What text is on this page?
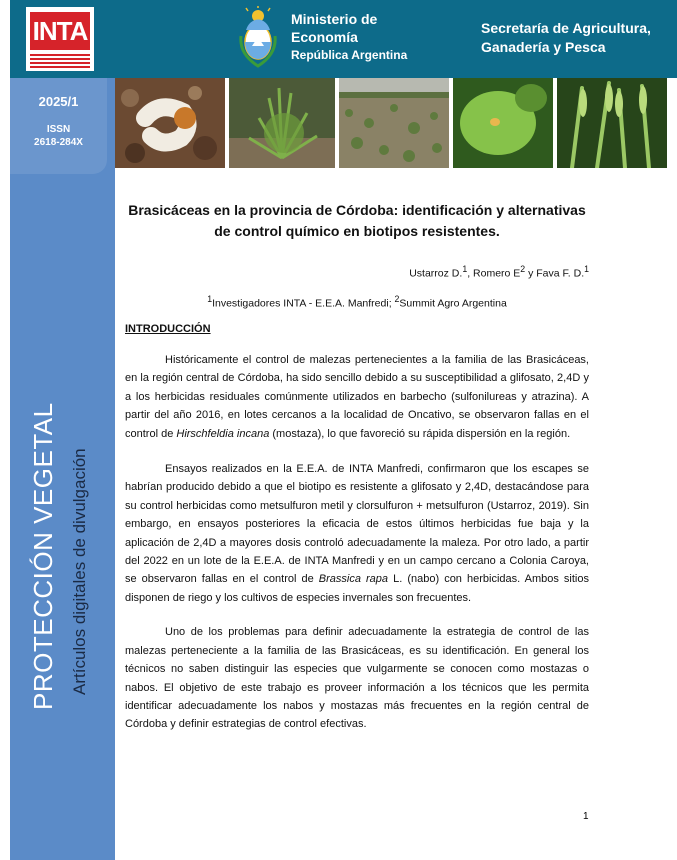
INTA	Ministerio de
Economía
República Argentina
Secretaría de Agricultura,
Ganadería y Pesca
2025/1
ISSN
2618-284X
PROTECCIÓN VEGETAL Artículos digitales de divulgación
Brasicáceas en la provincia de Córdoba: identificación y alternativas de control químico en biotipos resistentes.
Ustarroz D.$^1$, Romero $E^2$ y Fava F. D.$^1$
$^1$Investigadores INTA - E.E.A. Manfredi; $^2$Summit Agro Argentina
INTRODUCCIÓN

Históricamente el control de malezas pertenecientes a la familia de las Brasicáceas, en la región central de Córdoba, ha sido sencillo debido a su susceptibilidad a glifosato, 2,4D y a los herbicidas residuales comúnmente utilizados en barbecho (sulfonilureas y atrazina). A partir del año 2016, en lotes cercanos a la localidad de Oncativo, se observaron fallas en el control de Hirschfeldia incana (mostaza), lo que favoreció su rápida dispersión en la región.

Ensayos realizados en la E.E.A. de INTA Manfredi, confirmaron que los escapes se habrían producido debido a que el biotipo es resistente a glifosato y 2,4D, destacándose para su control herbicidas como metsulfuron metil y clorsulfuron + metsulfuron (Ustarroz, 2019). Sin embargo, en ensayos posteriores la eficacia de estos últimos herbicidas fue baja y la aplicación de 2,4D a mayores dosis controló adecuadamente la maleza. Por otro lado, a partir del 2022 en un lote de la E.E.A. de INTA Manfredi y en un campo cercano a Colonia Caroya, se observaron fallas en el control de Brassica rapa L. (nabo) con herbicidas. Ambos sitios disponen de riego y los cultivos de especies invernales son frecuentes.

Uno de los problemas para definir adecuadamente la estrategia de control de las malezas perteneciente a la familia de las Brasicáceas, es su identificación. En general los técnicos no saben distinguir las especies que vulgarmente se conocen como mostazas o nabos. El objetivo de este trabajo es proveer información a los técnicos que les permita identificar adecuadamente los nabos y mostazas más frecuentes en la región central de Córdoba y definir estrategias de control efectivas.

1
